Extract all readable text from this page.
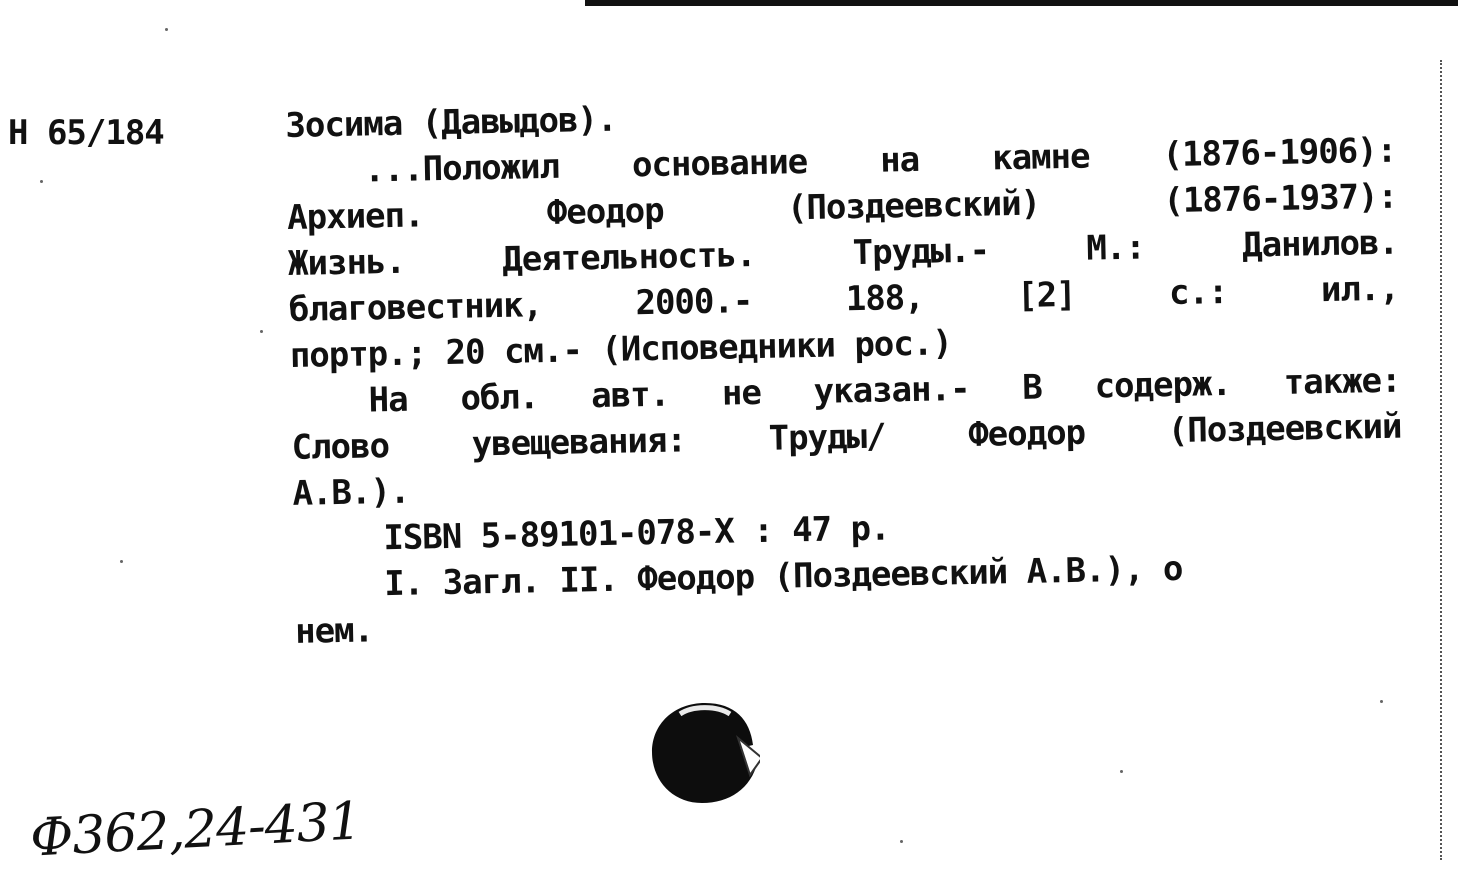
Н 65/184	Зосима (Давыдов).
...Положил основание на камне (1876-1906):
Архиеп. Феодор (Поздеевский) (1876-1937):
Жизнь. Деятельность. Труды.- М.: Данилов.
благовестник, 2000.- 188, [2] с.: ил.,
портр.; 20 см.- (Исповедники рос.)
На обл. авт. не указан.- В содерж. также:
Слово увещевания: Труды/ Феодор (Поздеевский
А.В.).
ISBN 5-89101-078-Х : 47 р.
I. Загл. II. Феодор (Поздеевский А.В.), о
нем.
Ф362,24-431
